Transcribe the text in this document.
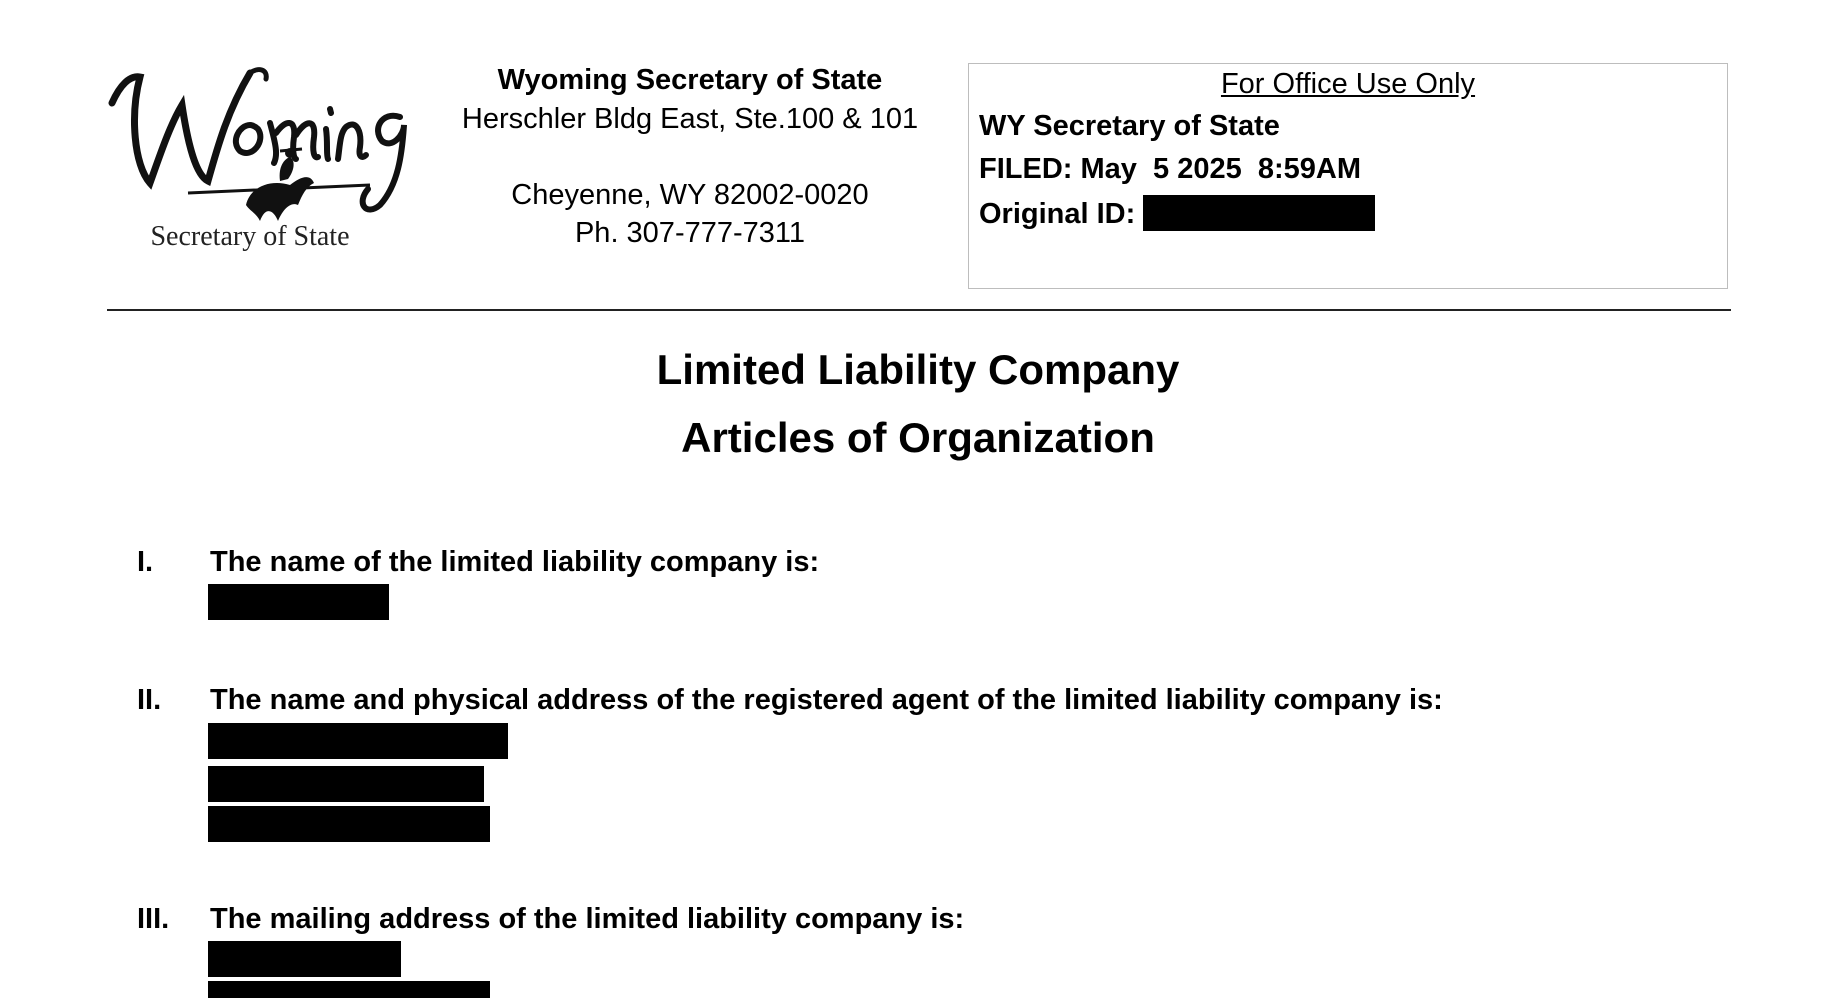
Secretary of State
Wyoming Secretary of State
Herschler Bldg East, Ste.100 & 101
Cheyenne, WY 82002-0020
Ph. 307-777-7311
For Office Use Only
WY Secretary of State
FILED: May  5 2025  8:59AM
Original ID:
Limited Liability Company
Articles of Organization
I. The name of the limited liability company is:
II. The name and physical address of the registered agent of the limited liability company is:
III. The mailing address of the limited liability company is:
